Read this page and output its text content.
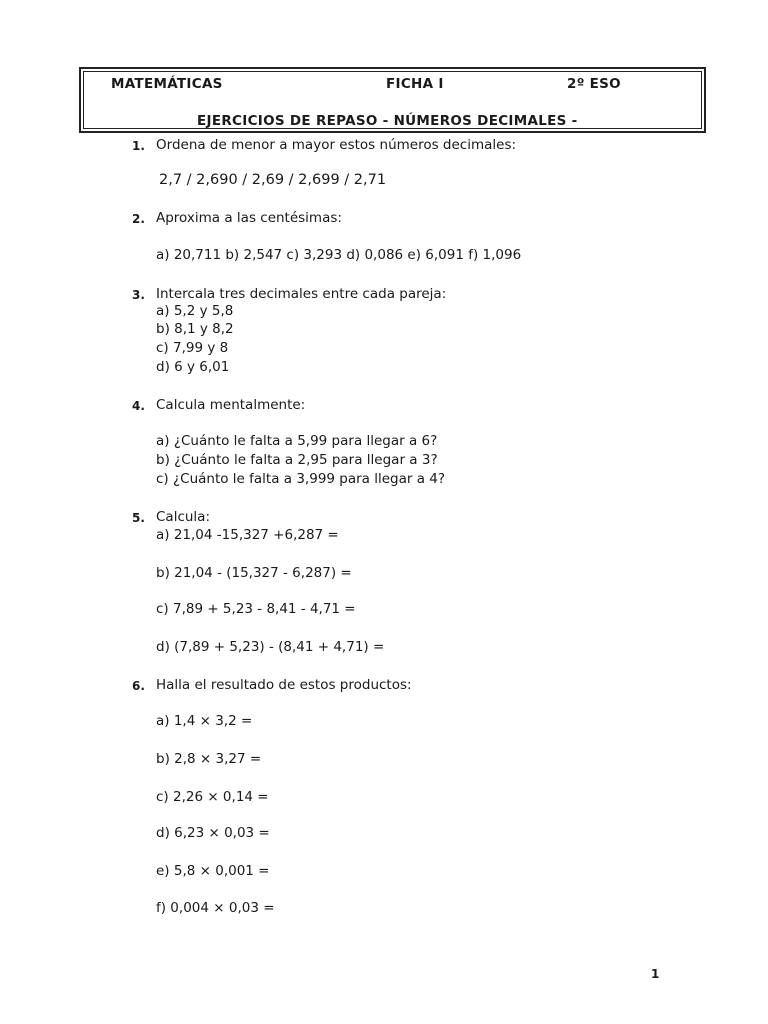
MATEMÁTICAS	FICHA I	2º ESO
EJERCICIOS DE REPASO - NÚMEROS DECIMALES -
1. Ordena de menor a mayor estos números decimales:
2,7 / 2,690 / 2,69 / 2,699 / 2,71
2. Aproxima a las centésimas:
a) 20,711 b) 2,547 c) 3,293 d) 0,086 e) 6,091 f) 1,096
3. Intercala tres decimales entre cada pareja:
a) 5,2 y 5,8
b) 8,1 y 8,2
c) 7,99 y 8
d) 6 y 6,01
4. Calcula mentalmente:
a) ¿Cuánto le falta a 5,99 para llegar a 6?
b) ¿Cuánto le falta a 2,95 para llegar a 3?
c) ¿Cuánto le falta a 3,999 para llegar a 4?
5. Calcula:
a) 21,04 -15,327 +6,287 =
b) 21,04 - (15,327 - 6,287) =
c) 7,89 + 5,23 - 8,41 - 4,71 =
d) (7,89 + 5,23) - (8,41 + 4,71) =
6. Halla el resultado de estos productos:
a) 1,4 × 3,2 =
b) 2,8 × 3,27 =
c) 2,26 × 0,14 =
d) 6,23 × 0,03 =
e) 5,8 × 0,001 =
f) 0,004 × 0,03 =
1
